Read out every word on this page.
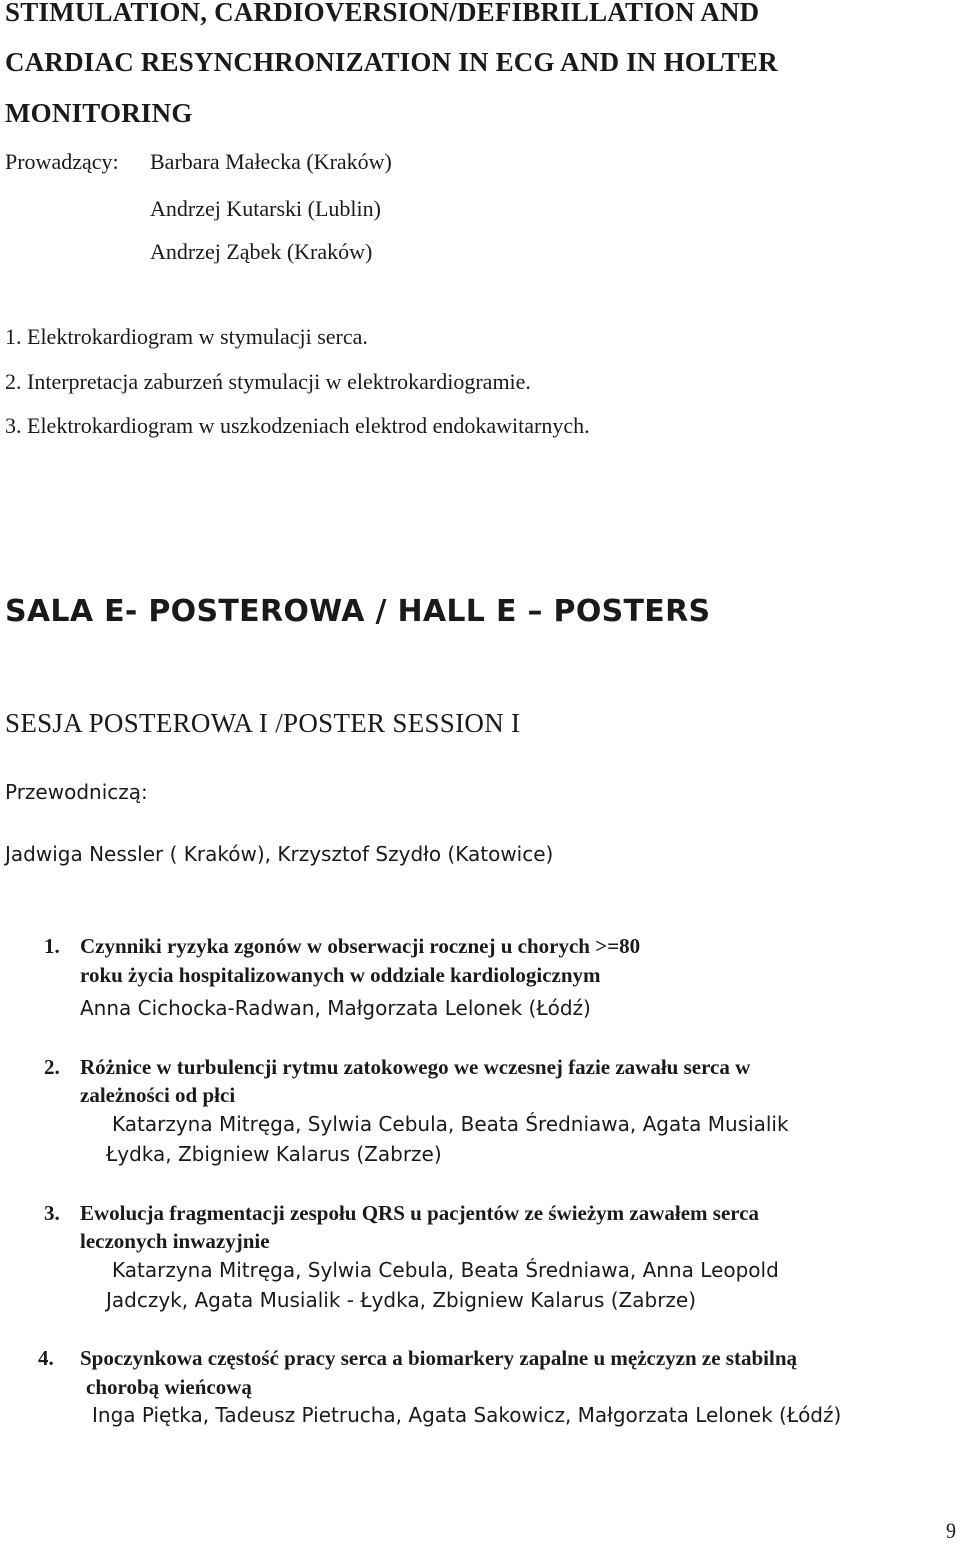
STIMULATION, CARDIOVERSION/DEFIBRILLATION AND
CARDIAC RESYNCHRONIZATION IN ECG AND IN HOLTER
MONITORING
Prowadzący: Barbara Małecka (Kraków)
Andrzej Kutarski (Lublin)
Andrzej Ząbek (Kraków)
1. Elektrokardiogram w stymulacji serca.
2. Interpretacja zaburzeń stymulacji w elektrokardiogramie.
3. Elektrokardiogram w uszkodzeniach elektrod endokawitarnych.
SALA E- POSTEROWA / HALL E – POSTERS
SESJA POSTEROWA I /POSTER SESSION I
Przewodniczą:
Jadwiga Nessler ( Kraków), Krzysztof Szydło (Katowice)
1. Czynniki ryzyka zgonów w obserwacji rocznej u chorych >=80
roku życia hospitalizowanych w oddziale kardiologicznym
Anna Cichocka-Radwan, Małgorzata Lelonek (Łódź)
2. Różnice w turbulencji rytmu zatokowego we wczesnej fazie zawału serca w
zależności od płci
Katarzyna Mitręga, Sylwia Cebula, Beata Średniawa, Agata Musialik
Łydka, Zbigniew Kalarus (Zabrze)
3. Ewolucja fragmentacji zespołu QRS u pacjentów ze świeżym zawałem serca
leczonych inwazyjnie
Katarzyna Mitręga, Sylwia Cebula, Beata Średniawa, Anna Leopold
Jadczyk, Agata Musialik - Łydka, Zbigniew Kalarus (Zabrze)
4. Spoczynkowa częstość pracy serca a biomarkery zapalne u mężczyzn ze stabilną
chorobą wieńcową
Inga Piętka, Tadeusz Pietrucha, Agata Sakowicz, Małgorzata Lelonek (Łódź)
9
